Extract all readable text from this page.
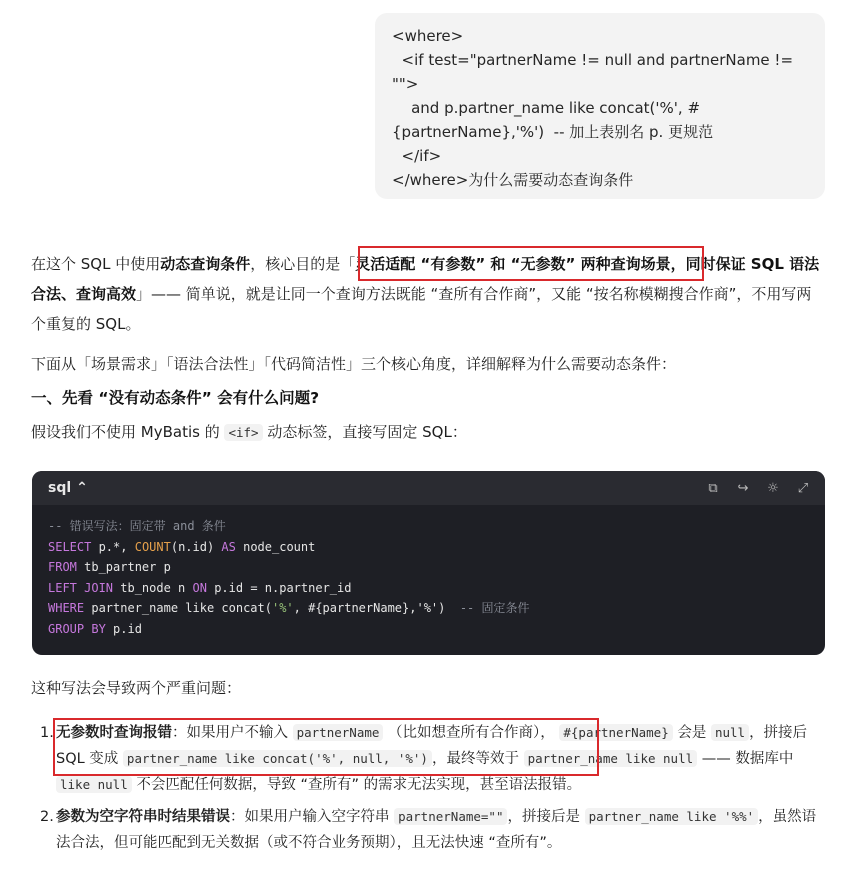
<where>
<if test="partnerName != null and partnerName != "">
and p.partner_name like concat('%', #{partnerName},'%')  -- 加上表别名 p. 更规范
</if>
</where>为什么需要动态查询条件

在这个 SQL 中使用动态查询条件，核心目的是「灵活适配 “有参数” 和 “无参数” 两种查询场景，同时保证 SQL 语法合法、查询高效」—— 简单说，就是让同一个查询方法既能 “查所有合作商”，又能 “按名称模糊搜合作商”，不用写两个重复的 SQL。

下面从「场景需求」「语法合法性」「代码简洁性」三个核心角度，详细解释为什么需要动态条件：

一、先看 “没有动态条件” 会有什么问题?

假设我们不使用 MyBatis 的 <if> 动态标签，直接写固定 SQL：

sql ⌃	⧉ ↪ ☼ ⤢
-- 错误写法：固定带 and 条件
SELECT p.*, COUNT(n.id) AS node_count
FROM tb_partner p
LEFT JOIN tb_node n ON p.id = n.partner_id
WHERE partner_name like concat('%', #{partnerName},'%')  -- 固定条件
GROUP BY p.id

这种写法会导致两个严重问题：

1. 无参数时查询报错：如果用户不输入 partnerName （比如想查所有合作商）， #{partnerName} 会是 null ，拼接后 SQL 变成 partner_name like concat('%', null, '%') ，最终等效于 partner_name like null —— 数据库中 like null 不会匹配任何数据，导致 “查所有” 的需求无法实现，甚至语法报错。
2. 参数为空字符串时结果错误：如果用户输入空字符串 partnerName="" ，拼接后是 partner_name like '%%' ，虽然语法合法，但可能匹配到无关数据（或不符合业务预期），且无法快速 “查所有”。
